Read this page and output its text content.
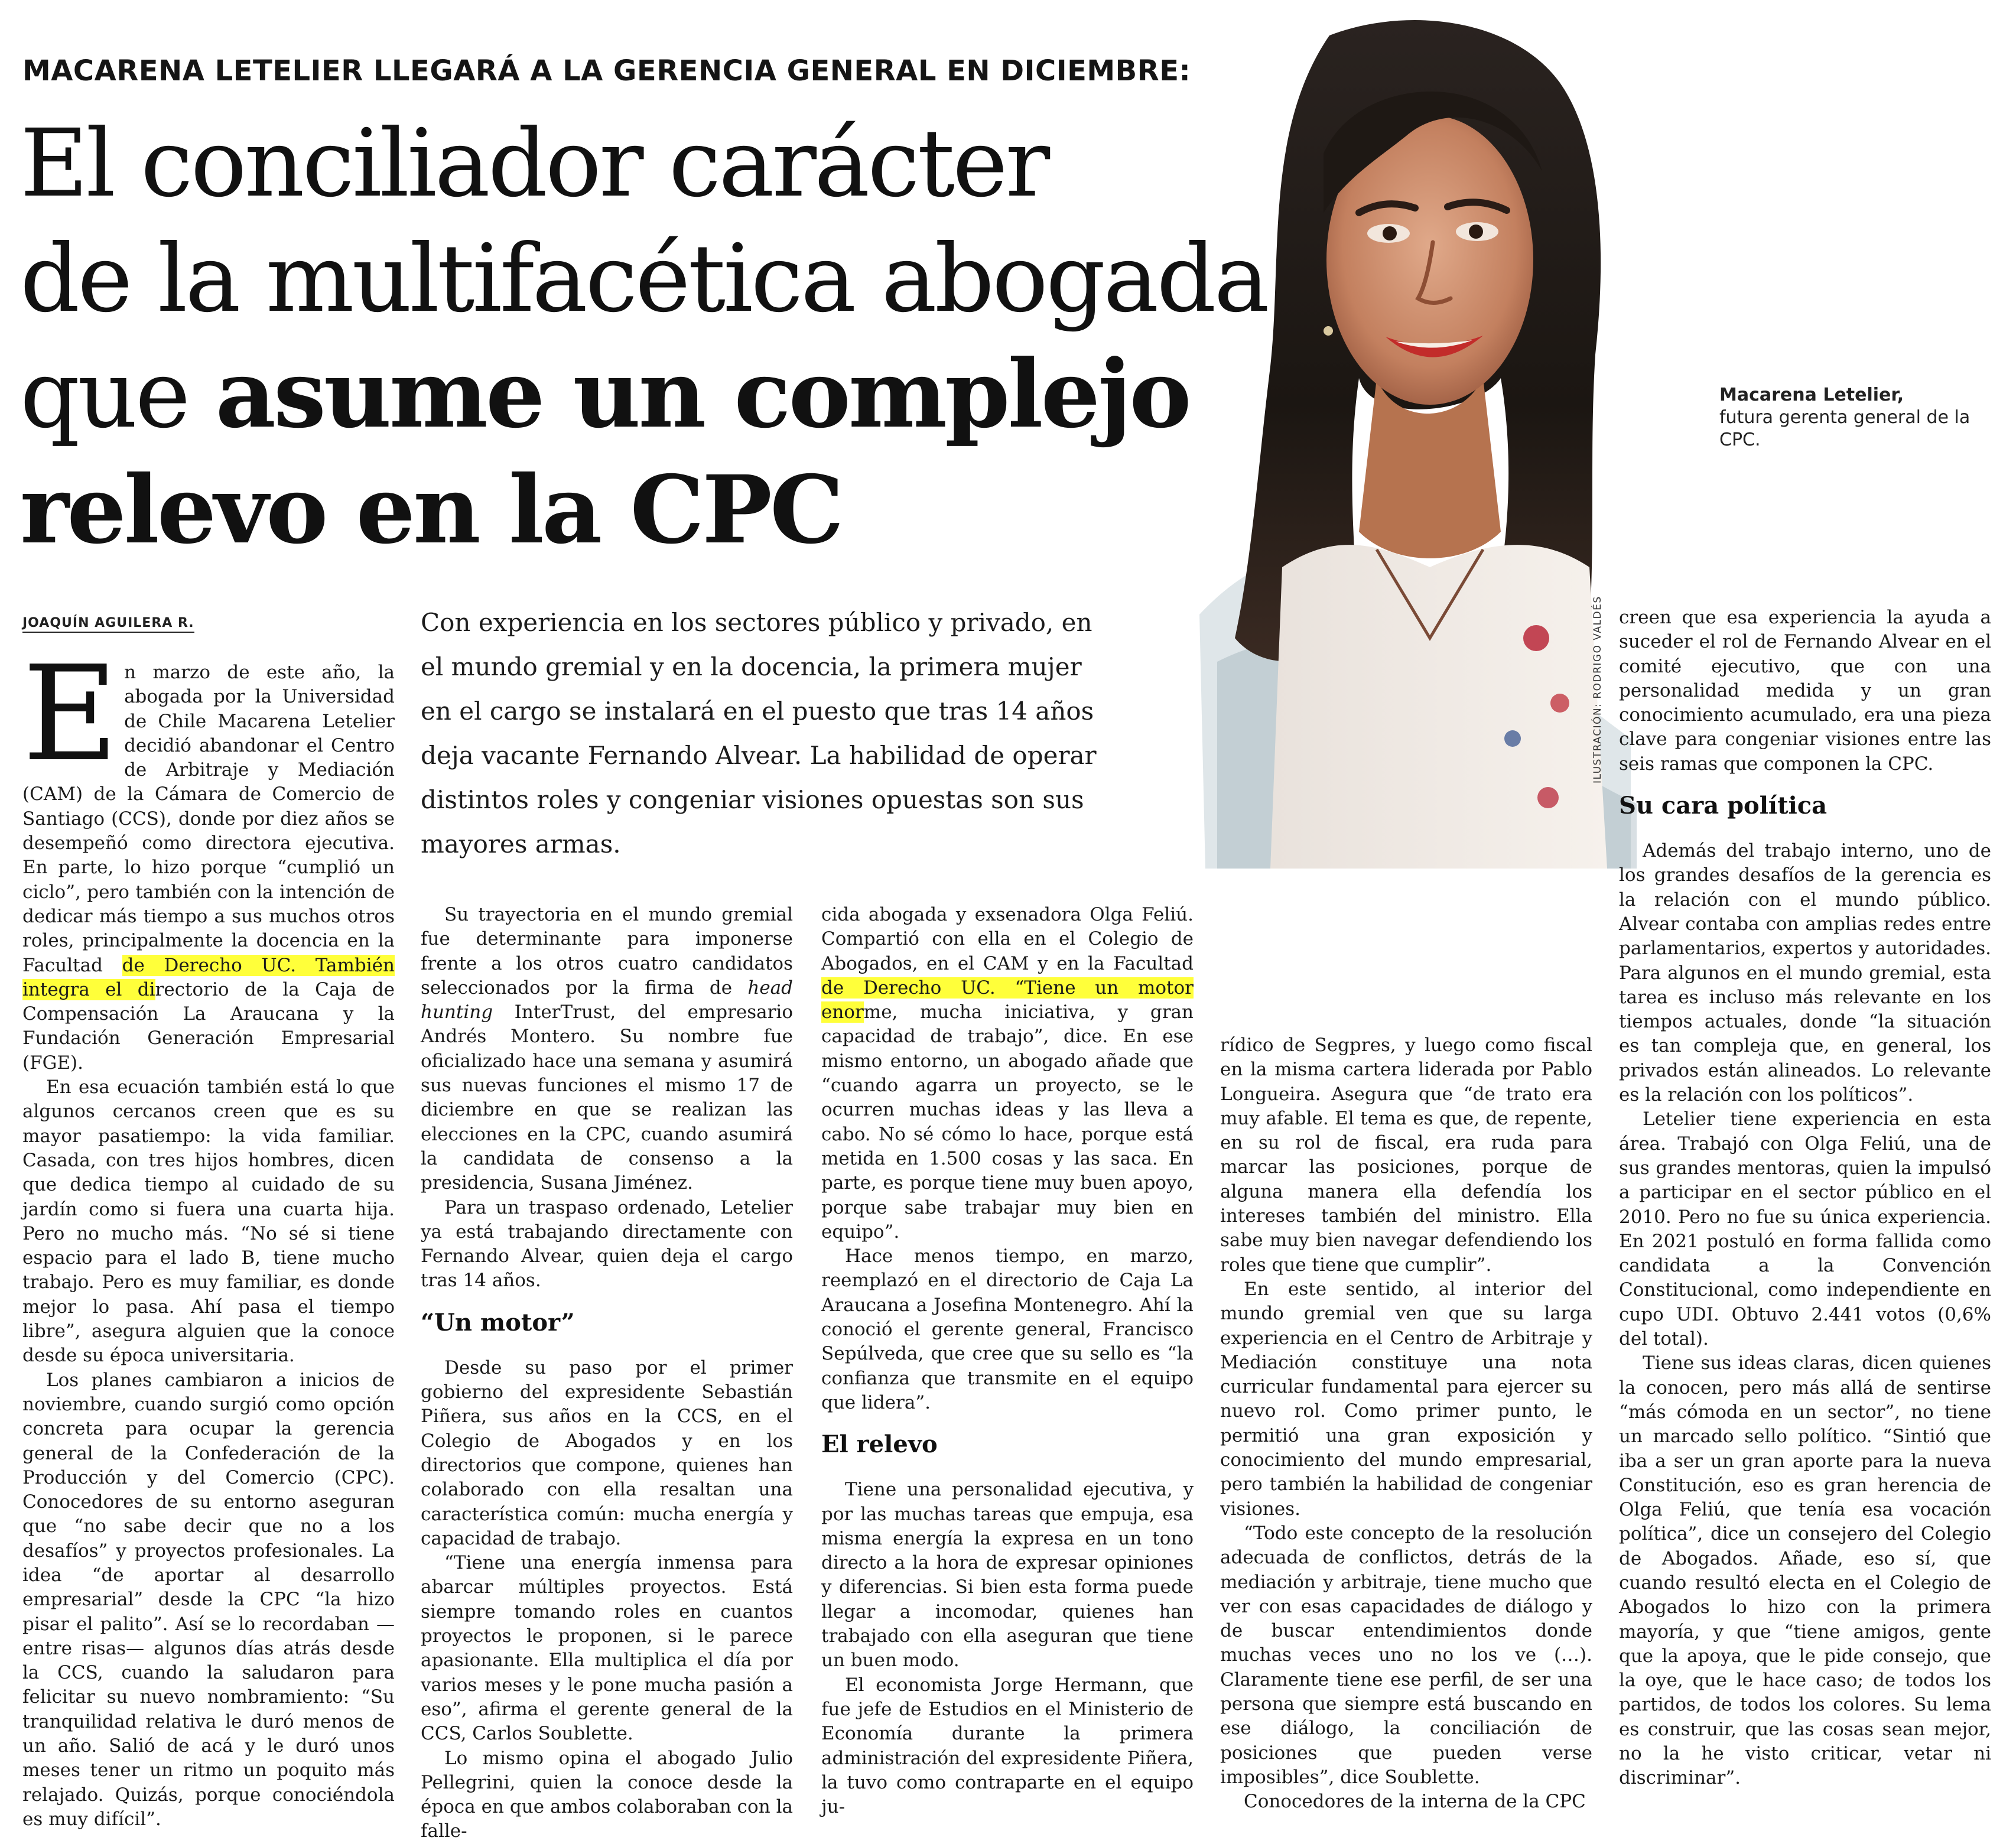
MACARENA LETELIER LLEGARÁ A LA GERENCIA GENERAL EN DICIEMBRE:
El conciliador carácter
de la multifacética abogada
que asume un complejo
relevo en la CPC
ILUSTRACIÓN: RODRIGO VALDÉS
Macarena Letelier,
futura gerenta general de la CPC.
JOAQUÍN AGUILERA R.	Con experiencia en los sectores público y privado, en el mundo gremial y en la docencia, la primera mujer en el cargo se instalará en el puesto que tras 14 años deja vacante Fernando Alvear. La habilidad de operar distintos roles y congeniar visiones opuestas son sus mayores armas.

En marzo de este año, la abogada por la Universidad de Chile Macarena Letelier decidió abandonar el Centro de Arbitraje y Mediación (CAM) de la Cámara de Comercio de Santiago (CCS), donde por diez años se desempeñó como directora ejecutiva. En parte, lo hizo porque “cumplió un ciclo”, pero también con la intención de dedicar más tiempo a sus muchos otros roles, principalmente la docencia en la Facultad de Derecho UC. También integra el directorio de la Caja de Compensación La Araucana y la Fundación Generación Empresarial (FGE).

En esa ecuación también está lo que algunos cercanos creen que es su mayor pasatiempo: la vida familiar. Casada, con tres hijos hombres, dicen que dedica tiempo al cuidado de su jardín como si fuera una cuarta hija. Pero no mucho más. “No sé si tiene espacio para el lado B, tiene mucho trabajo. Pero es muy familiar, es donde mejor lo pasa. Ahí pasa el tiempo libre”, asegura alguien que la conoce desde su época universitaria.

Los planes cambiaron a inicios de noviembre, cuando surgió como opción concreta para ocupar la gerencia general de la Confederación de la Producción y del Comercio (CPC). Conocedores de su entorno aseguran que “no sabe decir que no a los desafíos” y proyectos profesionales. La idea “de aportar al desarrollo empresarial” desde la CPC “la hizo pisar el palito”. Así se lo recordaban —entre risas— algunos días atrás desde la CCS, cuando la saludaron para felicitar su nuevo nombramiento: “Su tranquilidad relativa le duró menos de un año. Salió de acá y le duró unos meses tener un ritmo un poquito más relajado. Quizás, porque conociéndola es muy difícil”.

Su trayectoria en el mundo gremial fue determinante para imponerse frente a los otros cuatro candidatos seleccionados por la firma de head hunting InterTrust, del empresario Andrés Montero. Su nombre fue oficializado hace una semana y asumirá sus nuevas funciones el mismo 17 de diciembre en que se realizan las elecciones en la CPC, cuando asumirá la candidata de consenso a la presidencia, Susana Jiménez.

Para un traspaso ordenado, Letelier ya está trabajando directamente con Fernando Alvear, quien deja el cargo tras 14 años.

“Un motor”

Desde su paso por el primer gobierno del expresidente Sebastián Piñera, sus años en la CCS, en el Colegio de Abogados y en los directorios que compone, quienes han colaborado con ella resaltan una característica común: mucha energía y capacidad de trabajo.

“Tiene una energía inmensa para abarcar múltiples proyectos. Está siempre tomando roles en cuantos proyectos le proponen, si le parece apasionante. Ella multiplica el día por varios meses y le pone mucha pasión a eso”, afirma el gerente general de la CCS, Carlos Soublette.

Lo mismo opina el abogado Julio Pellegrini, quien la conoce desde la época en que ambos colaboraban con la falle-

cida abogada y exsenadora Olga Feliú. Compartió con ella en el Colegio de Abogados, en el CAM y en la Facultad de Derecho UC. “Tiene un motor enorme, mucha iniciativa, y gran capacidad de trabajo”, dice. En ese mismo entorno, un abogado añade que “cuando agarra un proyecto, se le ocurren muchas ideas y las lleva a cabo. No sé cómo lo hace, porque está metida en 1.500 cosas y las saca. En parte, es porque tiene muy buen apoyo, porque sabe trabajar muy bien en equipo”.

Hace menos tiempo, en marzo, reemplazó en el directorio de Caja La Araucana a Josefina Montenegro. Ahí la conoció el gerente general, Francisco Sepúlveda, que cree que su sello es “la confianza que transmite en el equipo que lidera”.

El relevo

Tiene una personalidad ejecutiva, y por las muchas tareas que empuja, esa misma energía la expresa en un tono directo a la hora de expresar opiniones y diferencias. Si bien esta forma puede llegar a incomodar, quienes han trabajado con ella aseguran que tiene un buen modo.

El economista Jorge Hermann, que fue jefe de Estudios en el Ministerio de Economía durante la primera administración del expresidente Piñera, la tuvo como contraparte en el equipo ju-

rídico de Segpres, y luego como fiscal en la misma cartera liderada por Pablo Longueira. Asegura que “de trato era muy afable. El tema es que, de repente, en su rol de fiscal, era ruda para marcar las posiciones, porque de alguna manera ella defendía los intereses también del ministro. Ella sabe muy bien navegar defendiendo los roles que tiene que cumplir”.

En este sentido, al interior del mundo gremial ven que su larga experiencia en el Centro de Arbitraje y Mediación constituye una nota curricular fundamental para ejercer su nuevo rol. Como primer punto, le permitió una gran exposición y conocimiento del mundo empresarial, pero también la habilidad de congeniar visiones.

“Todo este concepto de la resolución adecuada de conflictos, detrás de la mediación y arbitraje, tiene mucho que ver con esas capacidades de diálogo y de buscar entendimientos donde muchas veces uno no los ve (…). Claramente tiene ese perfil, de ser una persona que siempre está buscando en ese diálogo, la conciliación de posiciones que pueden verse imposibles”, dice Soublette.

Conocedores de la interna de la CPC

creen que esa experiencia la ayuda a suceder el rol de Fernando Alvear en el comité ejecutivo, que con una personalidad medida y un gran conocimiento acumulado, era una pieza clave para congeniar visiones entre las seis ramas que componen la CPC.

Su cara política

Además del trabajo interno, uno de los grandes desafíos de la gerencia es la relación con el mundo público. Alvear contaba con amplias redes entre parlamentarios, expertos y autoridades. Para algunos en el mundo gremial, esta tarea es incluso más relevante en los tiempos actuales, donde “la situación es tan compleja que, en general, los privados están alineados. Lo relevante es la relación con los políticos”.

Letelier tiene experiencia en esta área. Trabajó con Olga Feliú, una de sus grandes mentoras, quien la impulsó a participar en el sector público en el 2010. Pero no fue su única experiencia. En 2021 postuló en forma fallida como candidata a la Convención Constitucional, como independiente en cupo UDI. Obtuvo 2.441 votos (0,6% del total).

Tiene sus ideas claras, dicen quienes la conocen, pero más allá de sentirse “más cómoda en un sector”, no tiene un marcado sello político. “Sintió que iba a ser un gran aporte para la nueva Constitución, eso es gran herencia de Olga Feliú, que tenía esa vocación política”, dice un consejero del Colegio de Abogados. Añade, eso sí, que cuando resultó electa en el Colegio de Abogados lo hizo con la primera mayoría, y que “tiene amigos, gente que la apoya, que le pide consejo, que la oye, que le hace caso; de todos los partidos, de todos los colores. Su lema es construir, que las cosas sean mejor, no la he visto criticar, vetar ni discriminar”.
